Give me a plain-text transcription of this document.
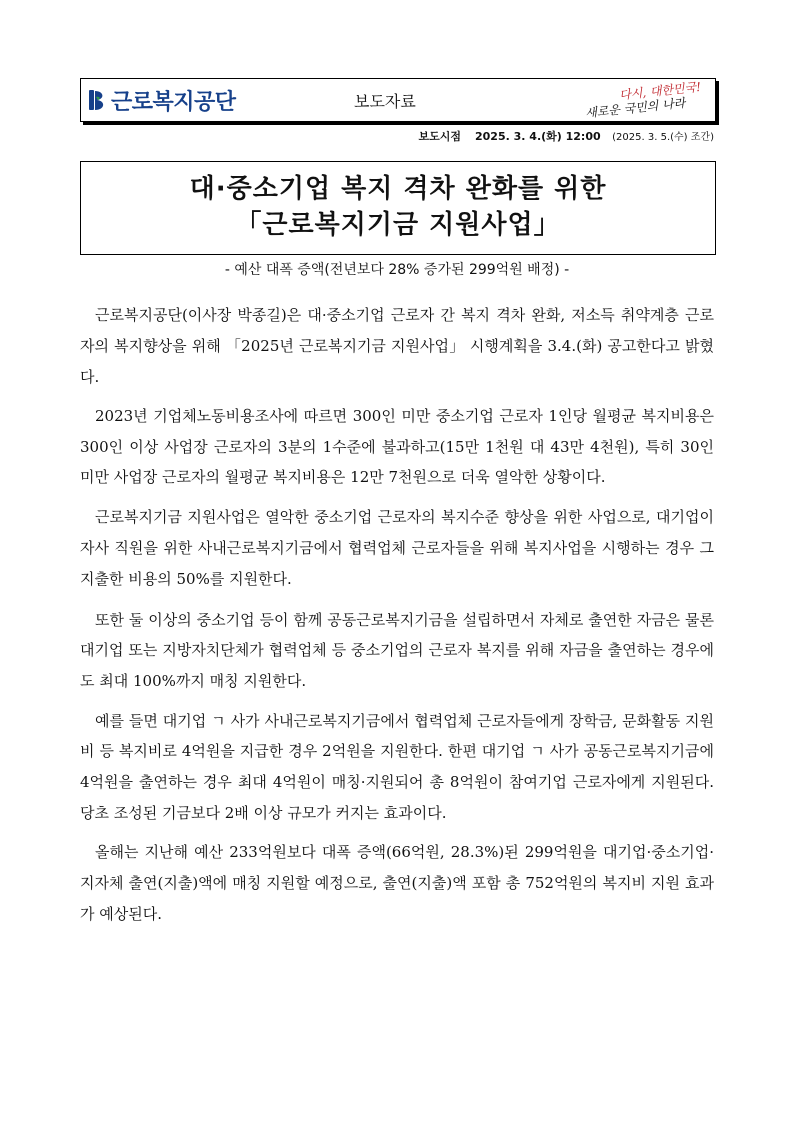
근로복지공단	보도자료	다시, 대한민국!
새로운 국민의 나라
보도시점 2025. 3. 4.(화) 12:00 (2025. 3. 5.(수) 조간)
대·중소기업 복지 격차 완화를 위한
「근로복지기금 지원사업」
- 예산 대폭 증액(전년보다 28% 증가된 299억원 배정) -

근로복지공단(이사장 박종길)은 대·중소기업 근로자 간 복지 격차 완화, 저소득 취약계층 근로자의 복지향상을 위해 「2025년 근로복지기금 지원사업」 시행계획을 3.4.(화) 공고한다고 밝혔다.

2023년 기업체노동비용조사에 따르면 300인 미만 중소기업 근로자 1인당 월평균 복지비용은 300인 이상 사업장 근로자의 3분의 1수준에 불과하고(15만 1천원 대 43만 4천원), 특히 30인 미만 사업장 근로자의 월평균 복지비용은 12만 7천원으로 더욱 열악한 상황이다.

근로복지기금 지원사업은 열악한 중소기업 근로자의 복지수준 향상을 위한 사업으로, 대기업이 자사 직원을 위한 사내근로복지기금에서 협력업체 근로자들을 위해 복지사업을 시행하는 경우 그 지출한 비용의 50%를 지원한다.

또한 둘 이상의 중소기업 등이 함께 공동근로복지기금을 설립하면서 자체로 출연한 자금은 물론 대기업 또는 지방자치단체가 협력업체 등 중소기업의 근로자 복지를 위해 자금을 출연하는 경우에도 최대 100%까지 매칭 지원한다.

예를 들면 대기업 ㄱ 사가 사내근로복지기금에서 협력업체 근로자들에게 장학금, 문화활동 지원비 등 복지비로 4억원을 지급한 경우 2억원을 지원한다. 한편 대기업 ㄱ 사가 공동근로복지기금에 4억원을 출연하는 경우 최대 4억원이 매칭·지원되어 총 8억원이 참여기업 근로자에게 지원된다. 당초 조성된 기금보다 2배 이상 규모가 커지는 효과이다.

올해는 지난해 예산 233억원보다 대폭 증액(66억원, 28.3%)된 299억원을 대기업·중소기업·지자체 출연(지출)액에 매칭 지원할 예정으로, 출연(지출)액 포함 총 752억원의 복지비 지원 효과가 예상된다.
